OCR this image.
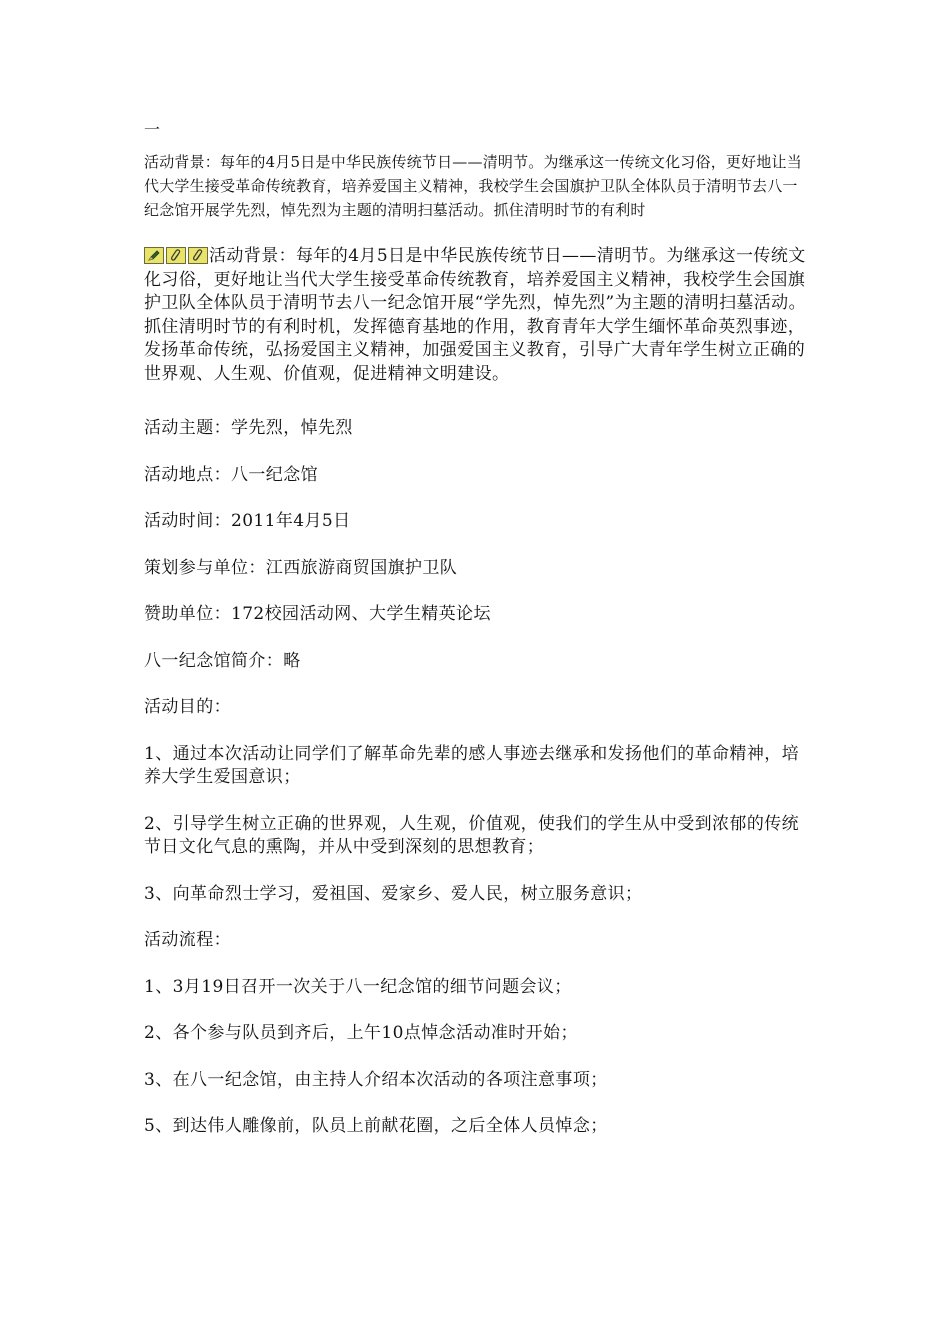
一

活动背景：每年的4月5日是中华民族传统节日——清明节。为继承这一传统文化习俗，更好地让当代大学生接受革命传统教育，培养爱国主义精神，我校学生会国旗护卫队全体队员于清明节去八一纪念馆开展学先烈，悼先烈为主题的清明扫墓活动。抓住清明时节的有利时

活动背景：每年的4月5日是中华民族传统节日——清明节。为继承这一传统文化习俗，更好地让当代大学生接受革命传统教育，培养爱国主义精神，我校学生会国旗护卫队全体队员于清明节去八一纪念馆开展“学先烈，悼先烈”为主题的清明扫墓活动。抓住清明时节的有利时机，发挥德育基地的作用，教育青年大学生缅怀革命英烈事迹，发扬革命传统，弘扬爱国主义精神，加强爱国主义教育，引导广大青年学生树立正确的世界观、人生观、价值观，促进精神文明建设。

活动主题：学先烈，悼先烈

活动地点：八一纪念馆

活动时间：2011年4月5日

策划参与单位：江西旅游商贸国旗护卫队

赞助单位：172校园活动网、大学生精英论坛

八一纪念馆简介：略

活动目的：

1、通过本次活动让同学们了解革命先辈的感人事迹去继承和发扬他们的革命精神，培养大学生爱国意识；

2、引导学生树立正确的世界观，人生观，价值观，使我们的学生从中受到浓郁的传统节日文化气息的熏陶，并从中受到深刻的思想教育；

3、向革命烈士学习，爱祖国、爱家乡、爱人民，树立服务意识；

活动流程：

1、3月19日召开一次关于八一纪念馆的细节问题会议；

2、各个参与队员到齐后，上午10点悼念活动准时开始；

3、在八一纪念馆，由主持人介绍本次活动的各项注意事项；

5、到达伟人雕像前，队员上前献花圈，之后全体人员悼念；
